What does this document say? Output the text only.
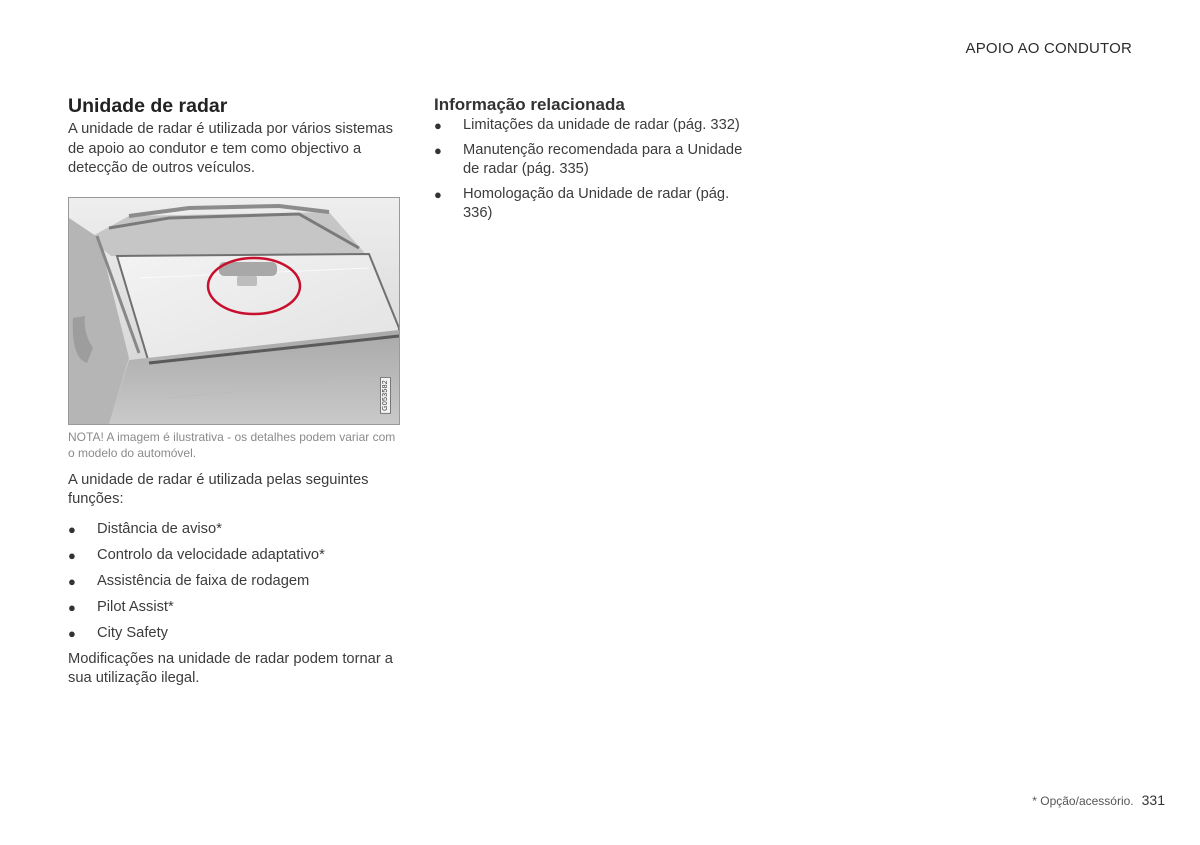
APOIO AO CONDUTOR
Unidade de radar

A unidade de radar é utilizada por vários sistemas de apoio ao condutor e tem como objectivo a detecção de outros veículos.

G053582
NOTA! A imagem é ilustrativa - os detalhes podem variar com o modelo do automóvel.

A unidade de radar é utilizada pelas seguintes funções:

● Distância de aviso*
● Controlo da velocidade adaptativo*
● Assistência de faixa de rodagem
● Pilot Assist*
● City Safety

Modificações na unidade de radar podem tornar a sua utilização ilegal.

Informação relacionada
● Limitações da unidade de radar (pág. 332)
● Manutenção recomendada para a Unidade de radar (pág. 335)
● Homologação da Unidade de radar (pág. 336)
* Opção/acessório. 331
